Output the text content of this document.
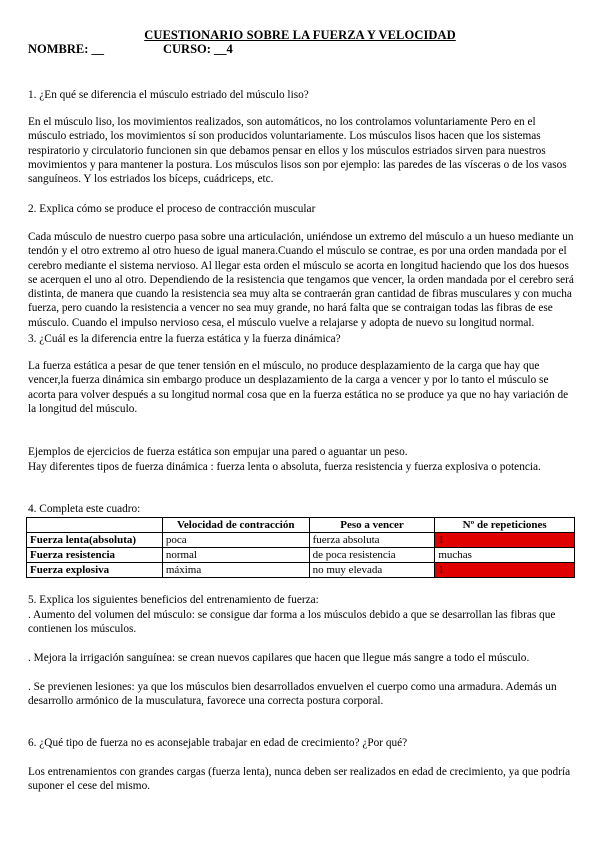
CUESTIONARIO SOBRE LA FUERZA Y VELOCIDAD
NOMBRE: __	CURSO: __4
1. ¿En qué se diferencia el músculo estriado del músculo liso?
En el músculo liso, los movimientos realizados, son automáticos, no los controlamos voluntariamente Pero en el músculo estriado, los movimientos sí son producidos voluntariamente. Los músculos lisos hacen que los sistemas respiratorio y circulatorio funcionen sin que debamos pensar en ellos y los músculos estriados sirven para nuestros movimientos y para mantener la postura. Los músculos lisos son por ejemplo: las paredes de las vísceras o de los vasos sanguíneos. Y los estriados los bíceps, cuádriceps, etc.
2. Explica cómo se produce el proceso de contracción muscular
Cada músculo de nuestro cuerpo pasa sobre una articulación, uniéndose un extremo del músculo a un hueso mediante un tendón y el otro extremo al otro hueso de igual manera.Cuando el músculo se contrae, es por una orden mandada por el cerebro mediante el sistema nervioso. Al llegar esta orden el músculo se acorta en longitud haciendo que los dos huesos se acerquen el uno al otro. Dependiendo de la resistencia que tengamos que vencer, la orden mandada por el cerebro será distinta, de manera que cuando la resistencia sea muy alta se contraerán gran cantidad de fibras musculares y con mucha fuerza, pero cuando la resistencia a vencer no sea muy grande, no hará falta que se contraigan todas las fibras de ese músculo. Cuando el impulso nervioso cesa, el músculo vuelve a relajarse y adopta de nuevo su longitud normal.
3. ¿Cuál es la diferencia entre la fuerza estática y la fuerza dinámica?
La fuerza estática a pesar de que tener tensión en el músculo, no produce desplazamiento de la carga que hay que vencer,la fuerza dinámica sin embargo produce un desplazamiento de la carga a vencer y por lo tanto el músculo se acorta para volver después a su longitud normal cosa que en la fuerza estática no se produce ya que no hay variación de la longitud del músculo.
Ejemplos de ejercicios de fuerza estática son empujar una pared o aguantar un peso.
Hay diferentes tipos de fuerza dinámica : fuerza lenta o absoluta, fuerza resistencia y fuerza explosiva o potencia.
4. Completa este cuadro:
	Velocidad de contracción	Peso a vencer	Nº de repeticiones
Fuerza lenta(absoluta)	poca	fuerza absoluta	1
Fuerza resistencia	normal	de poca resistencia	muchas
Fuerza explosiva	máxima	no muy elevada	1
5. Explica los siguientes beneficios del entrenamiento de fuerza:
. Aumento del volumen del músculo: se consigue dar forma a los músculos debido a que se desarrollan las fibras que contienen los músculos.
. Mejora la irrigación sanguínea: se crean nuevos capilares que hacen que llegue más sangre a todo el músculo.
. Se previenen lesiones: ya que los músculos bien desarrollados envuelven el cuerpo como una armadura. Además un desarrollo armónico de la musculatura, favorece una correcta postura corporal.
6. ¿Qué tipo de fuerza no es aconsejable trabajar en edad de crecimiento? ¿Por qué?
Los entrenamientos con grandes cargas (fuerza lenta), nunca deben ser realizados en edad de crecimiento, ya que podría suponer el cese del mismo.
